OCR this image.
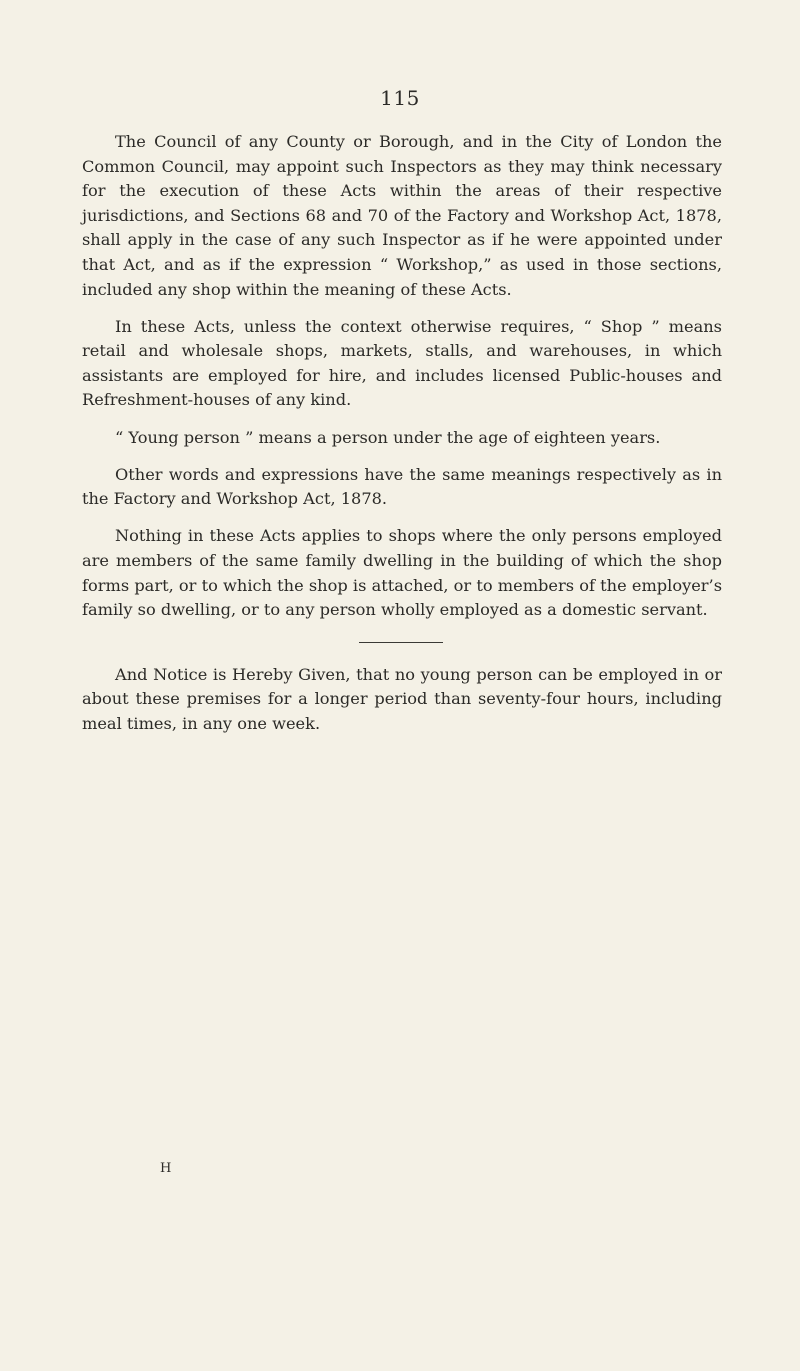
115

The Council of any County or Borough, and in the City of London the Common Council, may appoint such Inspectors as they may think necessary for the execution of these Acts within the areas of their respective jurisdictions, and Sections 68 and 70 of the Factory and Workshop Act, 1878, shall apply in the case of any such Inspector as if he were appointed under that Act, and as if the expression “ Workshop,” as used in those sections, included any shop within the meaning of these Acts.

In these Acts, unless the context otherwise requires, “ Shop ” means retail and wholesale shops, markets, stalls, and warehouses, in which assistants are employed for hire, and includes licensed Public-houses and Refreshment-houses of any kind.

“ Young person ” means a person under the age of eighteen years.

Other words and expressions have the same meanings respectively as in the Factory and Workshop Act, 1878.

Nothing in these Acts applies to shops where the only persons employed are members of the same family dwelling in the building of which the shop forms part, or to which the shop is attached, or to members of the employer’s family so dwelling, or to any person wholly employed as a domestic servant.

And Notice is Hereby Given, that no young person can be employed in or about these premises for a longer period than seventy-four hours, including meal times, in any one week.

H
